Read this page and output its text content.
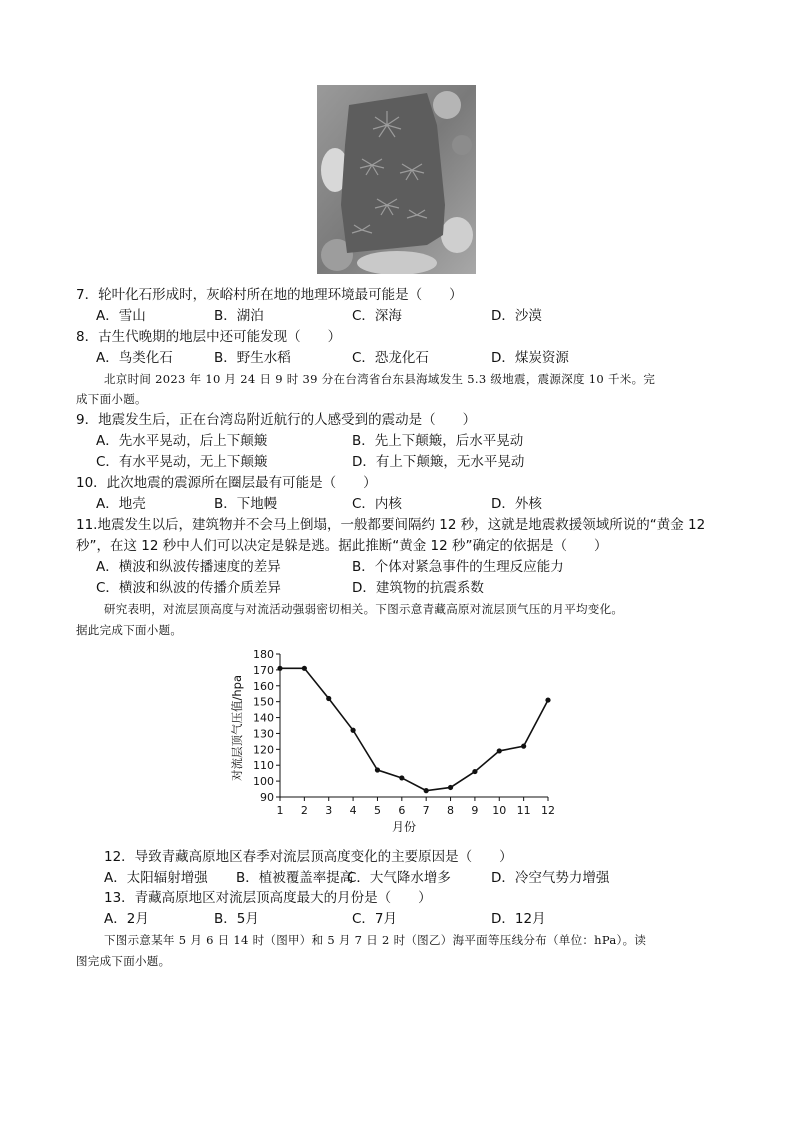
7．轮叶化石形成时，灰峪村所在地的地理环境最可能是（　　）
A．雪山	B．湖泊	C．深海	D．沙漠
8．古生代晚期的地层中还可能发现（　　）
A．鸟类化石	B．野生水稻	C．恐龙化石	D．煤炭资源
北京时间 2023 年 10 月 24 日 9 时 39 分在台湾省台东县海域发生 5.3 级地震，震源深度 10 千米。完
成下面小题。
9．地震发生后，正在台湾岛附近航行的人感受到的震动是（　　）
A．先水平晃动，后上下颠簸	B．先上下颠簸，后水平晃动
C．有水平晃动，无上下颠簸	D．有上下颠簸，无水平晃动
10．此次地震的震源所在圈层最有可能是（　　）
A．地壳	B．下地幔	C．内核	D．外核
11.地震发生以后，建筑物并不会马上倒塌，一般都要间隔约 12 秒，这就是地震救援领域所说的“黄金 12
秒”，在这 12 秒中人们可以决定是躲是逃。据此推断“黄金 12 秒”确定的依据是（　　）
A．横波和纵波传播速度的差异	B．个体对紧急事件的生理反应能力
C．横波和纵波的传播介质差异	D．建筑物的抗震系数
研究表明，对流层顶高度与对流活动强弱密切相关。下图示意青藏高原对流层顶气压的月平均变化。
据此完成下面小题。
90
100
110
120
130
140
150
160
170
180
1 2 3 4 5 6 7 8 9 10 11 12
对流层顶气压值/hpa
月份
12．导致青藏高原地区春季对流层顶高度变化的主要原因是（　　）
A．太阳辐射增强 B．植被覆盖率提高
C．大气降水增多	D．冷空气势力增强
13．青藏高原地区对流层顶高度最大的月份是（　　）
A．2月	B．5月	C．7月	D．12月
下图示意某年 5 月 6 日 14 时（图甲）和 5 月 7 日 2 时（图乙）海平面等压线分布（单位：hPa）。读
图完成下面小题。
